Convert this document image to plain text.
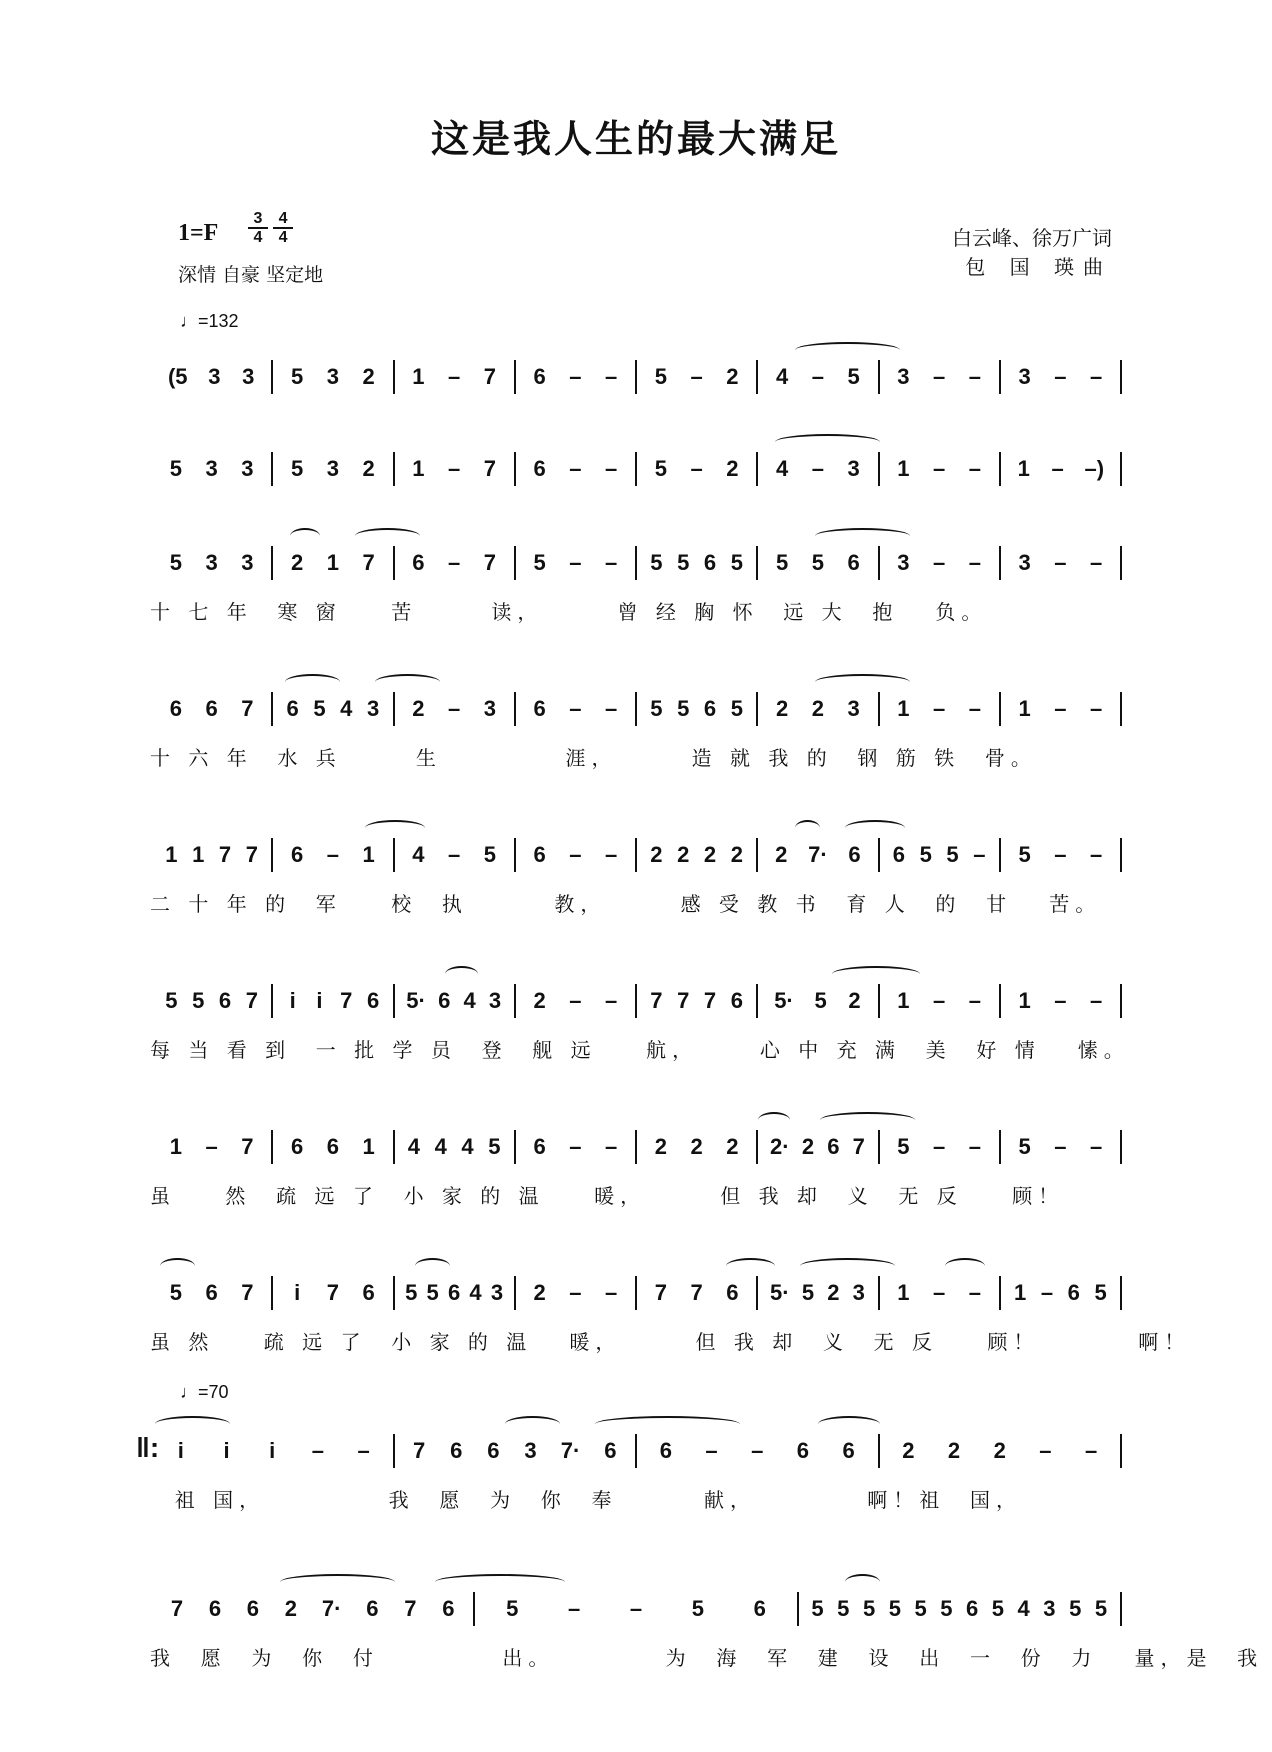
这是我人生的最大满足
$1=F \frac{3}{4}$
$\frac{4}{4}$
深情 自豪 坚定地
白云峰、徐万广词
包 国 瑛曲
♩=132
♩=70
(5 3 3 5 3 2 1 – 7 6 – – 5 – 2 4 – 5 3 – – 3 – –
5 3 3 5 3 2 1 – 7 6 – – 5 – 2 4 – 3 1 – – 1 – –)
5 3 3 2 1 7 6 – 7 5 – – 5 5 6 5 5 5 6 3 – – 3 – –
十 七 年  寒 窗    苦      读，      曾 经 胸 怀  远 大  抱   负。
6 6 7 6 5 4 3 2 – 3 6 – – 5 5 6 5 2 2 3 1 – – 1 – –
十 六 年  水 兵      生          涯，      造 就 我 的  钢 筋 铁  骨。
1 1 7 7 6 – 1 4 – 5 6 – – 2 2 2 2 2 7· 6 6 5 5 – 5 – –
二 十 年 的  军    校  执       教，      感 受 教 书  育 人  的  甘   苦。
5 5 6 7 i i 7 6 5· 6 4 3 2 – – 7 7 7 6 5· 5 2 1 – – 1 – –
每 当 看 到  一 批 学 员  登  舰 远    航，     心 中 充 满  美  好 情   愫。
1 – 7 6 6 1 4 4 4 5 6 – – 2 2 2 2· 2 6 7 5 – – 5 – –
虽    然  疏 远 了  小 家 的 温    暖，      但 我 却  义  无 反    顾！
5 6 7 i 7 6 5 5 6 4 3 2 – – 7 7 6 5· 5 2 3 1 – – 1 – 6 5
虽 然    疏 远 了  小 家 的 温   暖，      但 我 却  义  无 反    顾！        啊！
i i i – – 7 6 6 3 7· 6 6 – – 6 6 2 2 2 – –
祖 国，          我  愿  为  你  奉       献，         啊！祖  国，
7 6 6 2 7· 6 7 6 5 – – 5 6 5 5 5 5 5 5 6 5 4 3 5 5
我  愿  为  你  付          出。         为  海  军  建  设  出  一  份  力   量，是  我
‖:
